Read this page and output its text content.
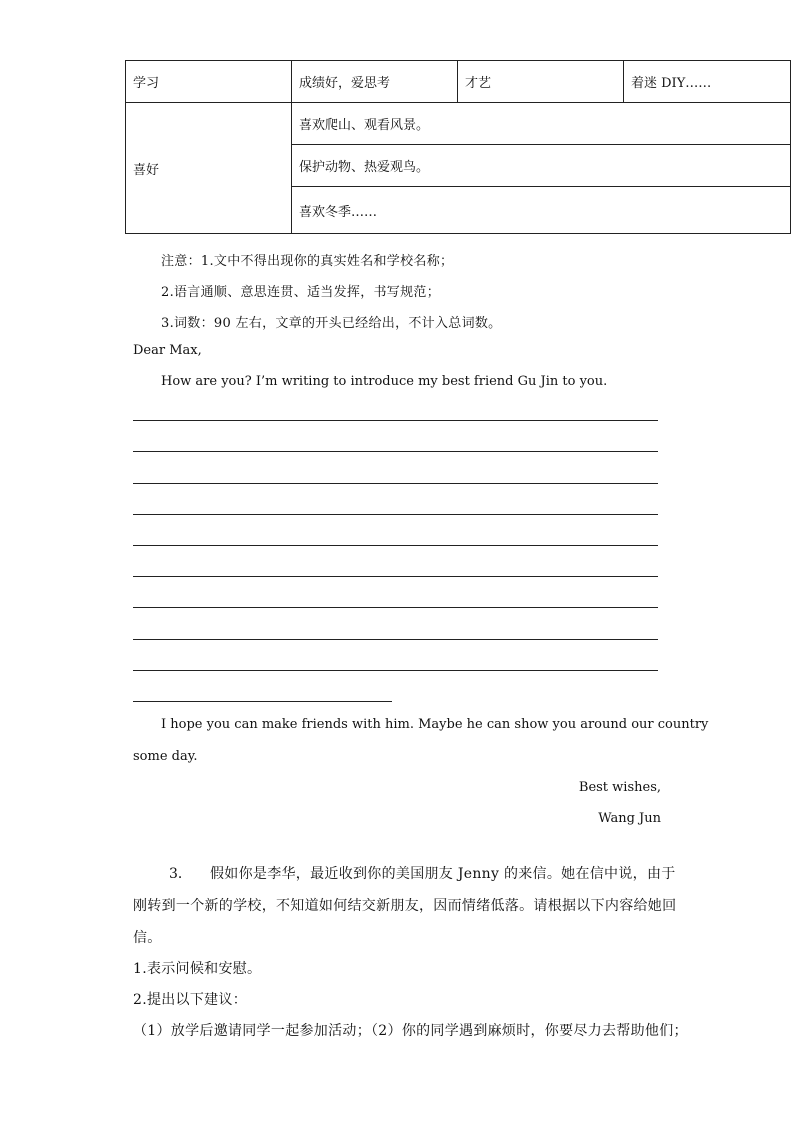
学习	成绩好，爱思考	才艺	着迷 DIY……
喜好	喜欢爬山、观看风景。		
	保护动物、热爱观鸟。		
	喜欢冬季……		
注意：1.文中不得出现你的真实姓名和学校名称；
2.语言通顺、意思连贯、适当发挥，书写规范；
3.词数：90 左右，文章的开头已经给出，不计入总词数。
Dear Max,
How are you? I’m writing to introduce my best friend Gu Jin to you.
I hope you can make friends with him. Maybe he can show you around our country
some day.
Best wishes,
Wang Jun
3． 假如你是李华，最近收到你的美国朋友 Jenny 的来信。她在信中说，由于
刚转到一个新的学校，不知道如何结交新朋友，因而情绪低落。请根据以下内容给她回
信。
1.表示问候和安慰。
2.提出以下建议：
（1）放学后邀请同学一起参加活动；（2）你的同学遇到麻烦时，你要尽力去帮助他们；
